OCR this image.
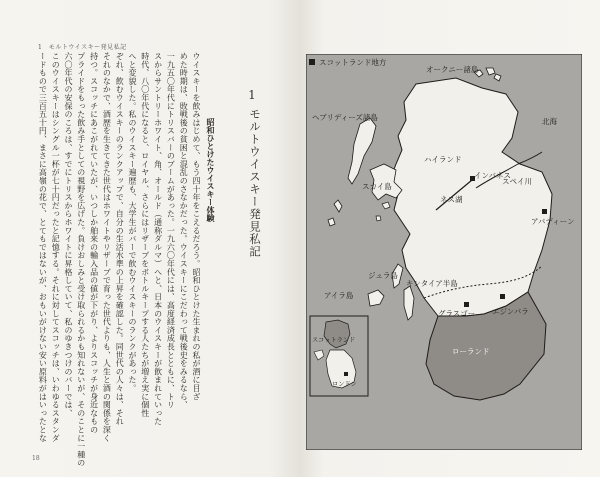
1　モルトウイスキー発見私記
1
モルトウイスキー発見私記
昭和ひとけたウイスキー体験
ウイスキーを飲みはじめて、もう四十年をこえるだろう。昭和ひとけた生まれの私が酒に目ざ
めた時期は、敗戦後の貧困と混乱のさなかだった。ウイスキーにこだわって戦後史をみるなら、
一九五〇年代にトリスバーのブームがあった。一九六〇年代には、高度経済成長とともに、トリ
スからサントリーホワイト、角、オールド（通称ダルマ）へと、日本のウイスキーが飲まれていった
時代、八〇年代になると、ロイヤル、さらにはリザーブをボトルキープする人たちが増え実に個性
へと変貌した。私のウイスキー遍歴も、大学生がバーで飲むウイスキーのランクがあった。
ぞれ、飲むウイスキーのランクアップで、自分の生活水準の上昇を確認した。同世代の人々は、それ
それのなかで、酒歴を生きてきた世代はホワイトやリザーブで育った世代よりも、人生と酒の関係を深く
持つ。スコッチにあこがれていたが、いつしか舶来の輸入品の値が下がり、よりスコッチが身近なもの
プライドをもった飲み手としての視野を広げた。負けおしみと受け取られるかも知れないが、そのことに一種の
六〇年代の安保のころは、すでにトリスからホワイトに昇格していて、私のゆきつけのバーでは、
このウイスキーはシングル一杯が七十円だったと記憶する。それに対してスコッチは、いわゆるスタンダ
ードもので三百五十円、まさに高嶺の花で、とてもではないが、おもいがけない安い原料がはいったとな
18
スコットランド地方
オークニー諸島
ヘブリディーズ諸島
スカイ島
ジュラ島
アイラ島
キンタイア半島
ハイランド
インバネス
ネス湖
スペイ川
アバディーン
北海
グラスゴー エジンバラ
ローランド
スコットランド
ロンドン
